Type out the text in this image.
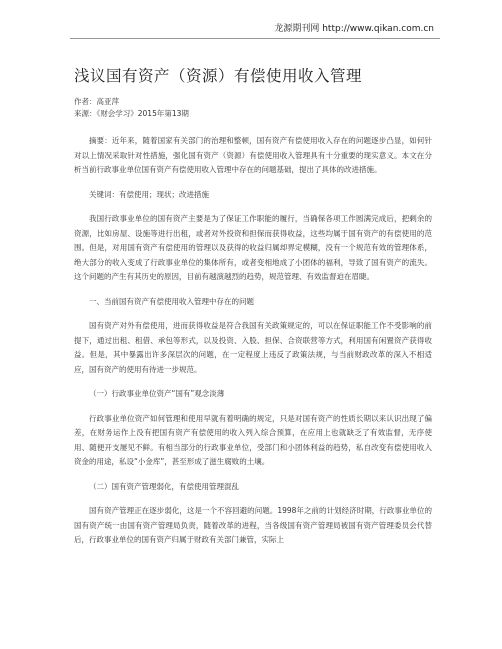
龙源期刊网 http://www.qikan.com.cn
浅议国有资产（资源）有偿使用收入管理
作者：高亚萍
来源：《财会学习》2015年第13期

摘要：近年来，随着国家有关部门的治理和整顿，国有资产有偿使用收入存在的问题逐步凸显，如何针对以上情况采取针对性措施，强化国有资产（资源）有偿使用收入管理具有十分重要的现实意义。本文在分析当前行政事业单位国有资产有偿使用收入管理中存在的问题基础，提出了具体的改进措施。

关键词：有偿使用；现状；改进措施

我国行政事业单位的国有资产主要是为了保证工作职能的履行，当确保各项工作圆满完成后，把剩余的资源，比如房屋、设施等进行出租，或者对外投资和担保而获得收益，这些均属于国有资产的有偿使用的范围。但是，对用国有资产有偿使用的管理以及获得的收益归属却界定模糊，没有一个规范有效的管理体系，绝大部分的收入变成了行政事业单位的集体所有，或者变相地成了小团体的福利，导致了国有资产的流失。这个问题的产生有其历史的原因，目前有越演越烈的趋势，规范管理、有效监督迫在眉睫。

一、当前国有资产有偿使用收入管理中存在的问题

国有资产对外有偿使用，进而获得收益是符合我国有关政策规定的，可以在保证职能工作不受影响的前提下，通过出租、租借、承包等形式，以及投资、入股、担保、合资联营等方式，利用国有闲置资产获得收益。但是，其中暴露出许多深层次的问题，在一定程度上违反了政策法规，与当前财政改革的深入不相适应，国有资产的使用有待进一步规范。

（一）行政事业单位资产“国有”观念淡薄

行政事业单位资产如何管理和使用早就有着明确的规定，只是对国有资产的性质长期以来认识出现了偏差，在财务运作上没有把国有资产有偿使用的收入列入综合预算，在应用上也就缺乏了有效监督，无序使用、随便开支屡见不鲜。有相当部分的行政事业单位，受部门和小团体利益的趋势，私自改变有偿使用收入资金的用途，私设“小金库”，甚至形成了滋生腐败的土壤。

（二）国有资产管理弱化，有偿使用管理混乱

国有资产管理正在逐步弱化，这是一个不容回避的问题。1998年之前的计划经济时期，行政事业单位的国有资产统一由国有资产管理局负责，随着改革的进程，当各级国有资产管理局被国有资产管理委员会代替后，行政事业单位的国有资产归属于财政有关部门兼管，实际上
